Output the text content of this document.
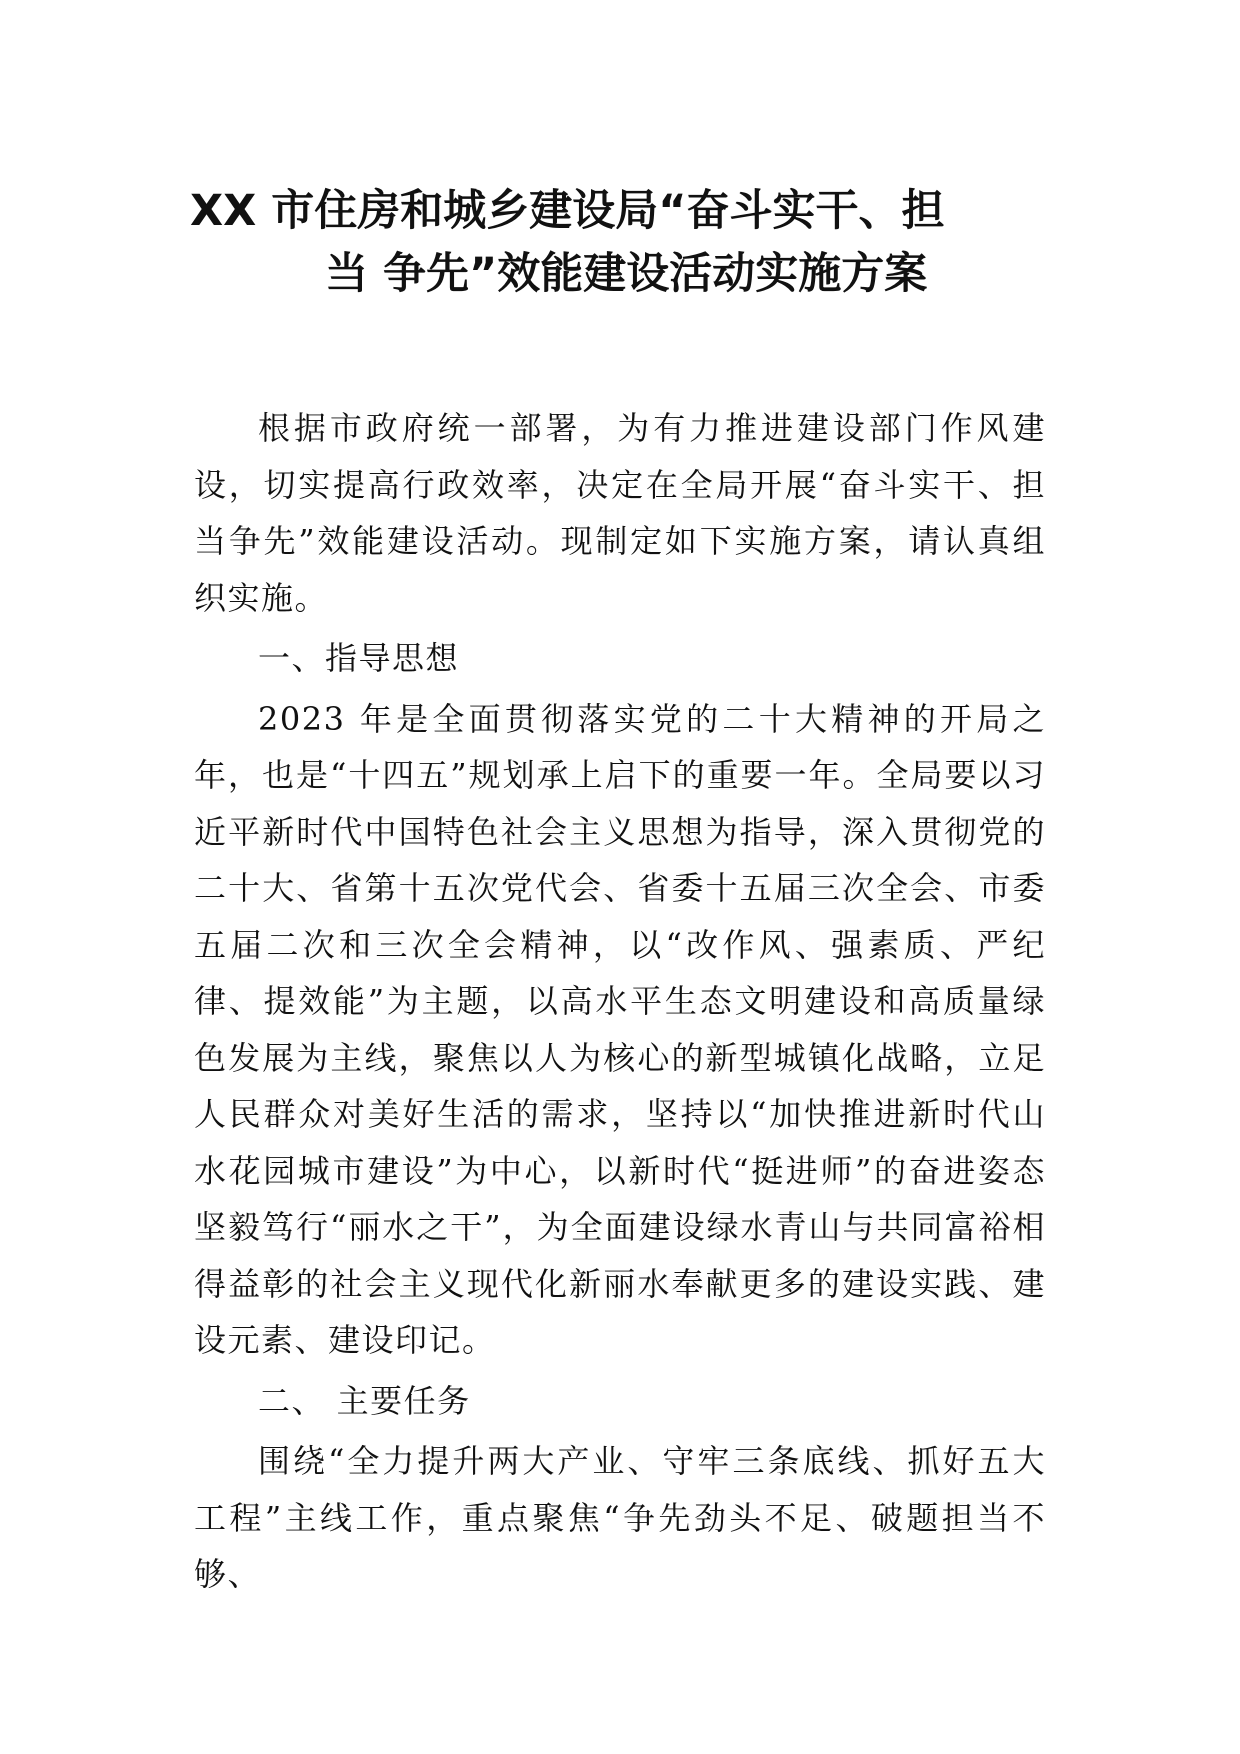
XX 市住房和城乡建设局“奋斗实干、担
当 争先”效能建设活动实施方案

根据市政府统一部署，为有力推进建设部门作风建设，切实提高行政效率，决定在全局开展“奋斗实干、担当争先”效能建设活动。现制定如下实施方案，请认真组织实施。

一、指导思想

2023 年是全面贯彻落实党的二十大精神的开局之年，也是“十四五”规划承上启下的重要一年。全局要以习近平新时代中国特色社会主义思想为指导，深入贯彻党的二十大、省第十五次党代会、省委十五届三次全会、市委五届二次和三次全会精神，以“改作风、强素质、严纪律、提效能”为主题，以高水平生态文明建设和高质量绿色发展为主线，聚焦以人为核心的新型城镇化战略，立足人民群众对美好生活的需求，坚持以“加快推进新时代山水花园城市建设”为中心，以新时代“挺进师”的奋进姿态坚毅笃行“丽水之干”，为全面建设绿水青山与共同富裕相得益彰的社会主义现代化新丽水奉献更多的建设实践、建设元素、建设印记。

二、 主要任务

围绕“全力提升两大产业、守牢三条底线、抓好五大工程”主线工作，重点聚焦“争先劲头不足、破题担当不够、
